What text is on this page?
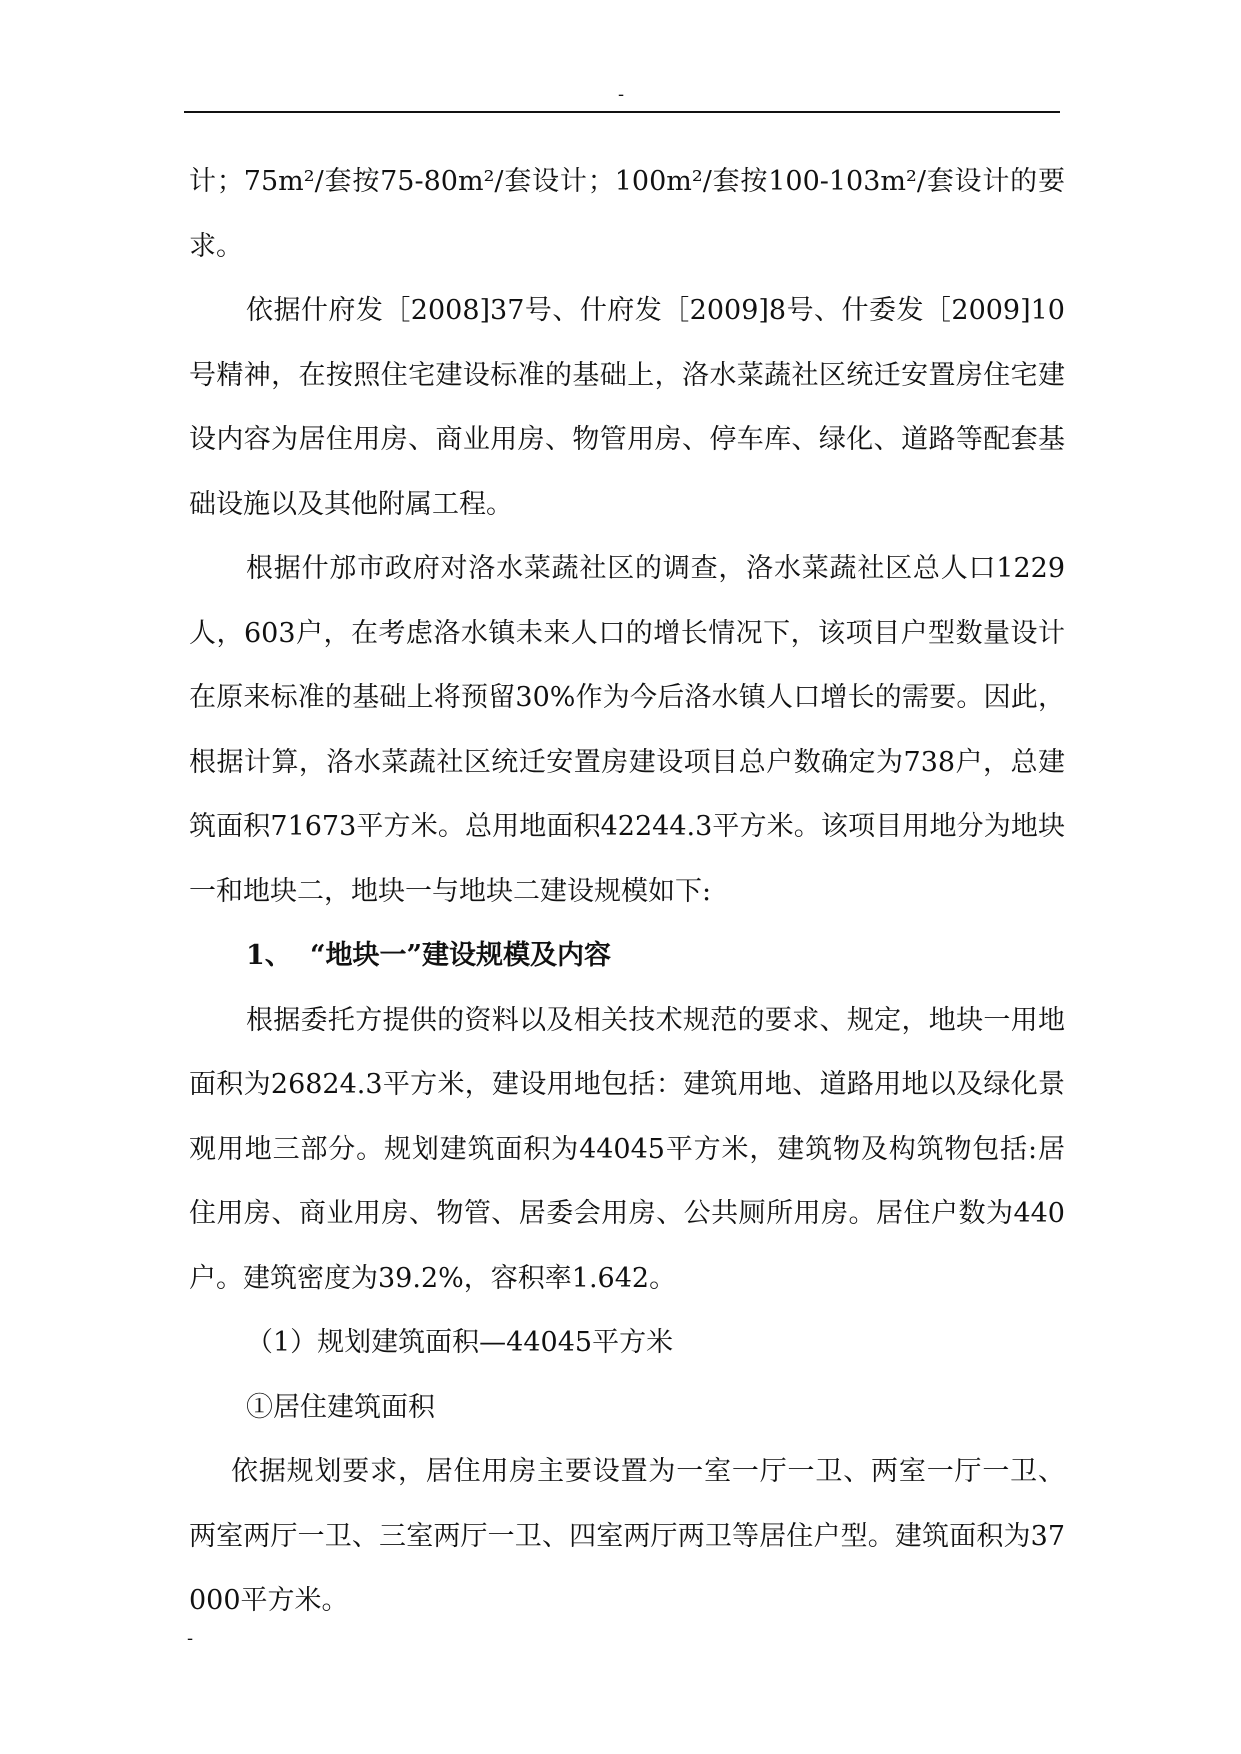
-

计；75m²/套按75-80m²/套设计；100m²/套按100-103m²/套设计的要求。

依据什府发［2008]37号、什府发［2009]8号、什委发［2009]10号精神，在按照住宅建设标准的基础上，洛水菜蔬社区统迁安置房住宅建设内容为居住用房、商业用房、物管用房、停车库、绿化、道路等配套基础设施以及其他附属工程。

根据什邡市政府对洛水菜蔬社区的调查，洛水菜蔬社区总人口1229人，603户，在考虑洛水镇未来人口的增长情况下，该项目户型数量设计在原来标准的基础上将预留30%作为今后洛水镇人口增长的需要。因此，根据计算，洛水菜蔬社区统迁安置房建设项目总户数确定为738户，总建筑面积71673平方米。总用地面积42244.3平方米。该项目用地分为地块一和地块二，地块一与地块二建设规模如下:

1、 “地块一”建设规模及内容

根据委托方提供的资料以及相关技术规范的要求、规定，地块一用地面积为26824.3平方米，建设用地包括：建筑用地、道路用地以及绿化景观用地三部分。规划建筑面积为44045平方米，建筑物及构筑物包括:居住用房、商业用房、物管、居委会用房、公共厕所用房。居住户数为440户。建筑密度为39.2%，容积率1.642。

（1）规划建筑面积—44045平方米

①居住建筑面积

依据规划要求，居住用房主要设置为一室一厅一卫、两室一厅一卫、两室两厅一卫、三室两厅一卫、四室两厅两卫等居住户型。建筑面积为37000平方米。

-
